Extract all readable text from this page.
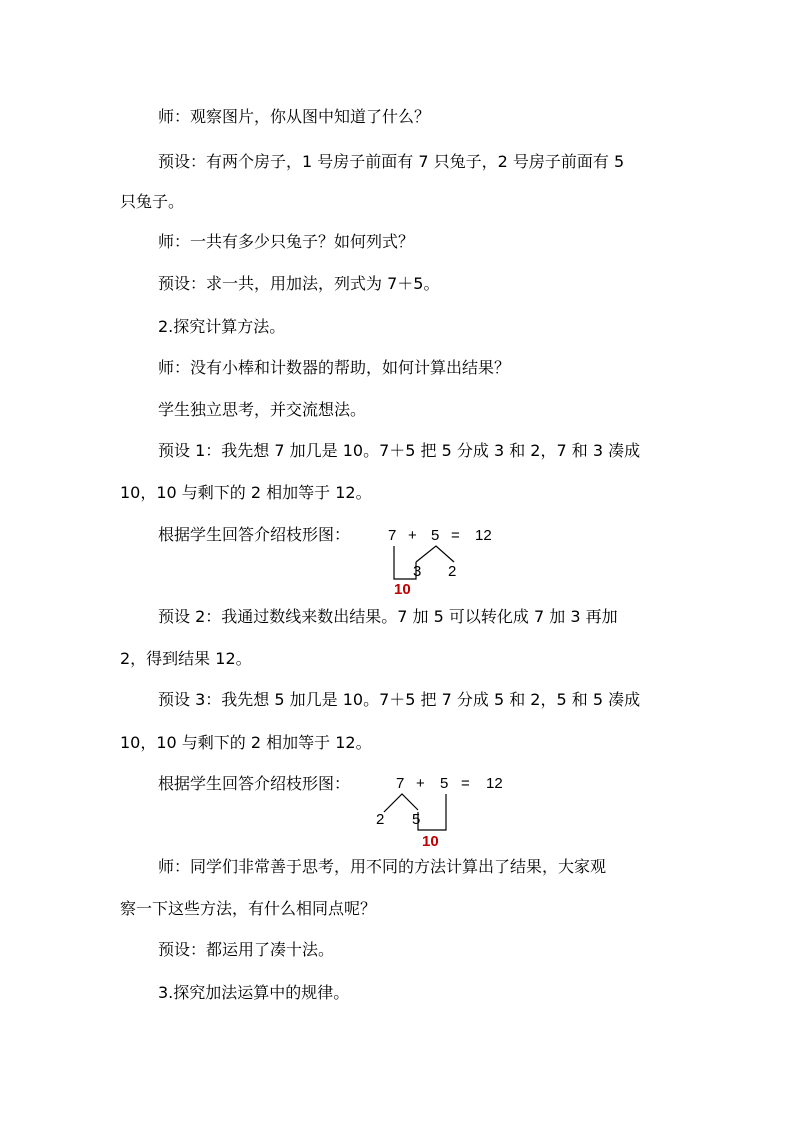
师：观察图片，你从图中知道了什么？
预设：有两个房子，1 号房子前面有 7 只兔子，2 号房子前面有 5
只兔子。
师：一共有多少只兔子？如何列式？
预设：求一共，用加法，列式为 7＋5。
2.探究计算方法。
师：没有小棒和计数器的帮助，如何计算出结果？
学生独立思考，并交流想法。
预设 1：我先想 7 加几是 10。7＋5 把 5 分成 3 和 2，7 和 3 凑成
10，10 与剩下的 2 相加等于 12。
根据学生回答介绍枝形图：	7 + 5 = 12
3 2
10
预设 2：我通过数线来数出结果。7 加 5 可以转化成 7 加 3 再加
2，得到结果 12。
预设 3：我先想 5 加几是 10。7＋5 把 7 分成 5 和 2，5 和 5 凑成
10，10 与剩下的 2 相加等于 12。
根据学生回答介绍枝形图：	7 + 5 = 12
2 5
10
师：同学们非常善于思考，用不同的方法计算出了结果，大家观
察一下这些方法，有什么相同点呢？
预设：都运用了凑十法。
3.探究加法运算中的规律。
